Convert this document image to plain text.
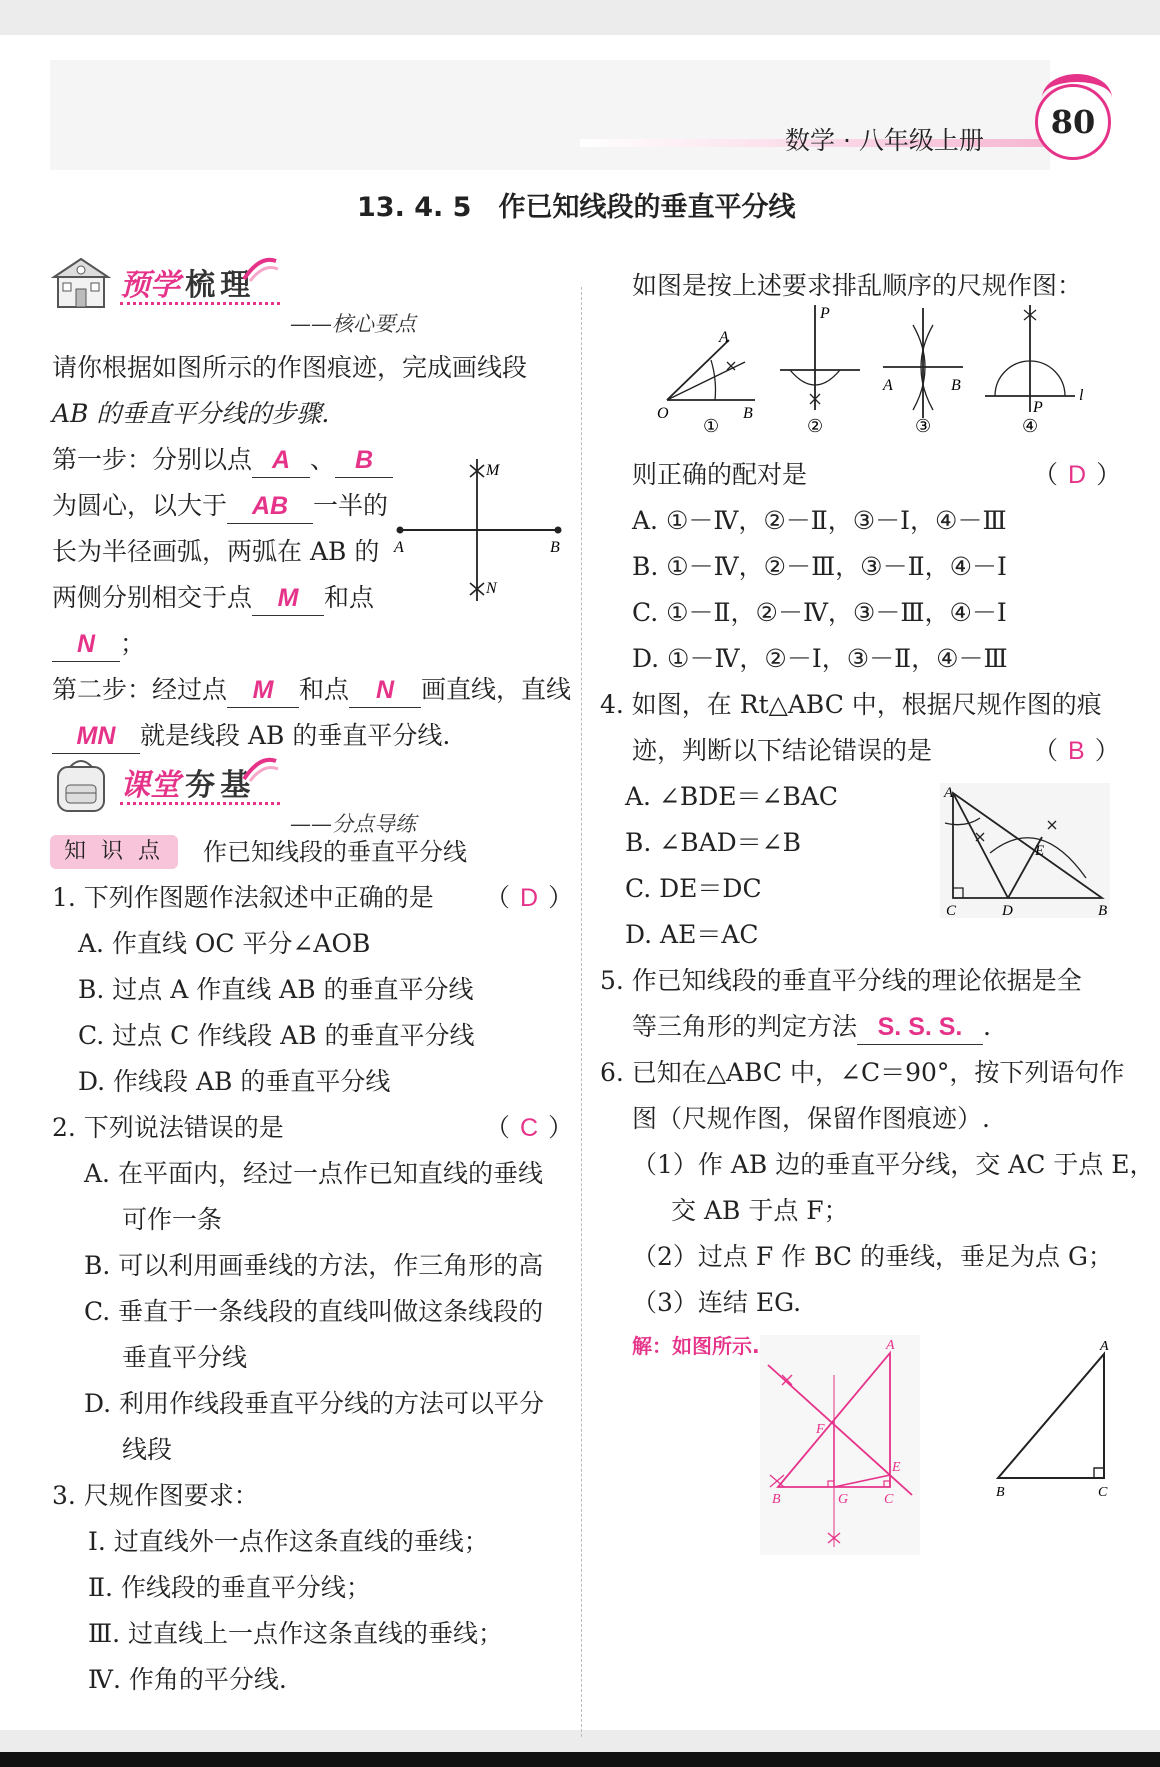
数学 · 八年级上册	80
13. 4. 5　作已知线段的垂直平分线
预学 梳 理
——核心要点
请你根据如图所示的作图痕迹，完成画线段
AB 的垂直平分线的步骤.
第一步：分别以点 A 、 B
为圆心，以大于 AB 一半的
长为半径画弧，两弧在 AB 的
两侧分别相交于点 M 和点
N ；
M
N
A	B
第二步：经过点 M 和点 N 画直线，直线
MN 就是线段 AB 的垂直平分线.
课堂 夯 基
——分点导练
知 识 点	作已知线段的垂直平分线
1. 下列作图题作法叙述中正确的是 （ D ）
A. 作直线 OC 平分∠AOB
B. 过点 A 作直线 AB 的垂直平分线
C. 过点 C 作线段 AB 的垂直平分线
D. 作线段 AB 的垂直平分线
2. 下列说法错误的是	（ C ）
A. 在平面内，经过一点作已知直线的垂线
可作一条
B. 可以利用画垂线的方法，作三角形的高
C. 垂直于一条线段的直线叫做这条线段的
垂直平分线
D. 利用作线段垂直平分线的方法可以平分
线段
3. 尺规作图要求：
Ⅰ. 过直线外一点作这条直线的垂线；
Ⅱ. 作线段的垂直平分线；
Ⅲ. 过直线上一点作这条直线的垂线；
Ⅳ. 作角的平分线.
如图是按上述要求排乱顺序的尺规作图：
A
O	B
①
P
②
A	B
③
P
l
④
则正确的配对是	（ D ）
A. ①－Ⅳ，②－Ⅱ，③－Ⅰ，④－Ⅲ
B. ①－Ⅳ，②－Ⅲ，③－Ⅱ，④－Ⅰ
C. ①－Ⅱ，②－Ⅳ，③－Ⅲ，④－Ⅰ
D. ①－Ⅳ，②－Ⅰ，③－Ⅱ，④－Ⅲ
4. 如图，在 Rt△ABC 中，根据尺规作图的痕
迹，判断以下结论错误的是	（ B ）
A. ∠BDE＝∠BAC
B. ∠BAD＝∠B
C. DE＝DC
D. AE＝AC
A
E
C	D	B
5. 作已知线段的垂直平分线的理论依据是全
等三角形的判定方法 S. S. S. .
6. 已知在△ABC 中，∠C＝90°，按下列语句作
图（尺规作图，保留作图痕迹）.
（1）作 AB 边的垂直平分线，交 AC 于点 E，
交 AB 于点 F；
（2）过点 F 作 BC 的垂线，垂足为点 G；
（3）连结 EG.
解：如图所示.	A
F
E
B	G	C
A
B	C
